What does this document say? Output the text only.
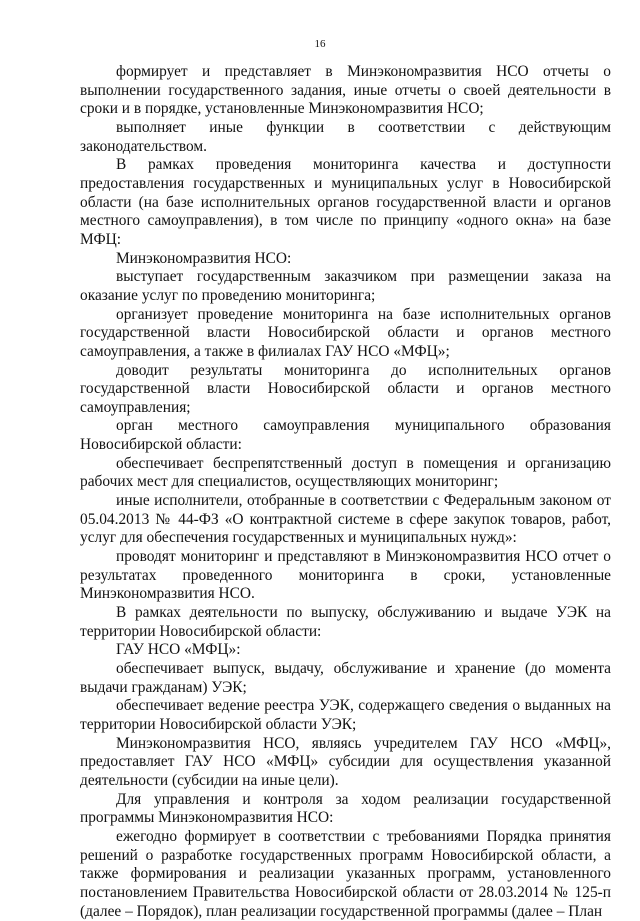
16

формирует и представляет в Минэкономразвития НСО отчеты о выполнении государственного задания, иные отчеты о своей деятельности в сроки и в порядке, установленные Минэкономразвития НСО;

выполняет иные функции в соответствии с действующим законодательством.

В рамках проведения мониторинга качества и доступности предоставления государственных и муниципальных услуг в Новосибирской области (на базе исполнительных органов государственной власти и органов местного самоуправления), в том числе по принципу «одного окна» на базе МФЦ:

Минэкономразвития НСО:

выступает государственным заказчиком при размещении заказа на оказание услуг по проведению мониторинга;

организует проведение мониторинга на базе исполнительных органов государственной власти Новосибирской области и органов местного самоуправления, а также в филиалах ГАУ НСО «МФЦ»;

доводит результаты мониторинга до исполнительных органов государственной власти Новосибирской области и органов местного самоуправления;

орган местного самоуправления муниципального образования Новосибирской области:

обеспечивает беспрепятственный доступ в помещения и организацию рабочих мест для специалистов, осуществляющих мониторинг;

иные исполнители, отобранные в соответствии с Федеральным законом от 05.04.2013 № 44-ФЗ «О контрактной системе в сфере закупок товаров, работ, услуг для обеспечения государственных и муниципальных нужд»:

проводят мониторинг и представляют в Минэкономразвития НСО отчет о результатах проведенного мониторинга в сроки, установленные Минэкономразвития НСО.

В рамках деятельности по выпуску, обслуживанию и выдаче УЭК на территории Новосибирской области:

ГАУ НСО «МФЦ»:

обеспечивает выпуск, выдачу, обслуживание и хранение (до момента выдачи гражданам) УЭК;

обеспечивает ведение реестра УЭК, содержащего сведения о выданных на территории Новосибирской области УЭК;

Минэкономразвития НСО, являясь учредителем ГАУ НСО «МФЦ», предоставляет ГАУ НСО «МФЦ» субсидии для осуществления указанной деятельности (субсидии на иные цели).

Для управления и контроля за ходом реализации государственной программы Минэкономразвития НСО:

ежегодно формирует в соответствии с требованиями Порядка принятия решений о разработке государственных программ Новосибирской области, а также формирования и реализации указанных программ, установленного постановлением Правительства Новосибирской области от 28.03.2014 № 125-п (далее – Порядок), план реализации государственной программы (далее – План
